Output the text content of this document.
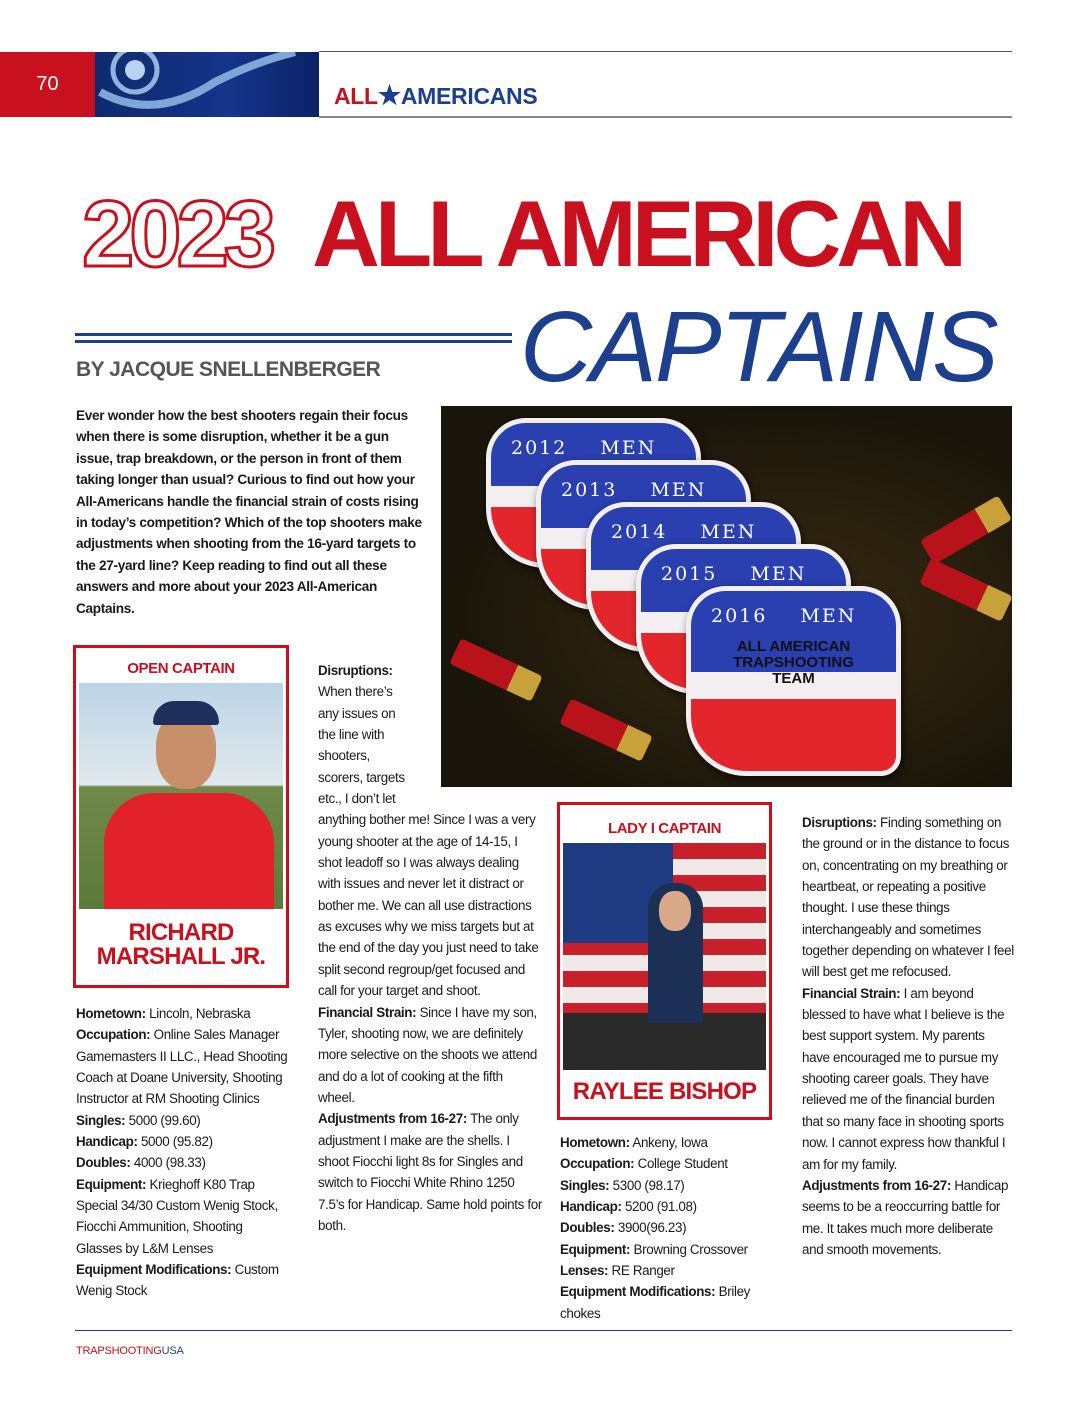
70	ALL★AMERICANS
2023 ALL AMERICAN
CAPTAINS
BY JACQUE SNELLENBERGER
Ever wonder how the best shooters regain their focus when there is some disruption, whether it be a gun issue, trap breakdown, or the person in front of them taking longer than usual? Curious to find out how your All-Americans handle the financial strain of costs rising in today’s competition? Which of the top shooters make adjustments when shooting from the 16-yard targets to the 27-yard line? Keep reading to find out all these answers and more about your 2023 All-American Captains.
2012 MEN
2013 MEN
2014 MEN
2015 MEN
2016 MEN
ALL AMERICAN TRAPSHOOTING TEAM
OPEN CAPTAIN
RICHARD MARSHALL JR.
Hometown: Lincoln, Nebraska
Occupation: Online Sales Manager Gamemasters II LLC., Head Shooting Coach at Doane University, Shooting Instructor at RM Shooting Clinics
Singles: 5000 (99.60)
Handicap: 5000 (95.82)
Doubles: 4000 (98.33)
Equipment: Krieghoff K80 Trap Special 34/30 Custom Wenig Stock, Fiocchi Ammunition, Shooting Glasses by L&M Lenses
Equipment Modifications: Custom Wenig Stock
Disruptions: When there’s any issues on the line with shooters, scorers, targets etc., I don’t let anything bother me! Since I was a very young shooter at the age of 14-15, I shot leadoff so I was always dealing with issues and never let it distract or bother me. We can all use distractions as excuses why we miss targets but at the end of the day you just need to take split second regroup/get focused and call for your target and shoot.
Financial Strain: Since I have my son, Tyler, shooting now, we are definitely more selective on the shoots we attend and do a lot of cooking at the fifth wheel.
Adjustments from 16-27: The only adjustment I make are the shells. I shoot Fiocchi light 8s for Singles and switch to Fiocchi White Rhino 1250 7.5’s for Handicap. Same hold points for both.
LADY I CAPTAIN
RAYLEE BISHOP
Hometown: Ankeny, Iowa
Occupation: College Student
Singles: 5300 (98.17)
Handicap: 5200 (91.08)
Doubles: 3900(96.23)
Equipment: Browning Crossover
Lenses: RE Ranger
Equipment Modifications: Briley chokes
Disruptions: Finding something on the ground or in the distance to focus on, concentrating on my breathing or heartbeat, or repeating a positive thought. I use these things interchangeably and sometimes together depending on whatever I feel will best get me refocused.
Financial Strain: I am beyond blessed to have what I believe is the best support system. My parents have encouraged me to pursue my shooting career goals. They have relieved me of the financial burden that so many face in shooting sports now. I cannot express how thankful I am for my family.
Adjustments from 16-27: Handicap seems to be a reoccurring battle for me. It takes much more deliberate and smooth movements.
TRAPSHOOTINGUSA
